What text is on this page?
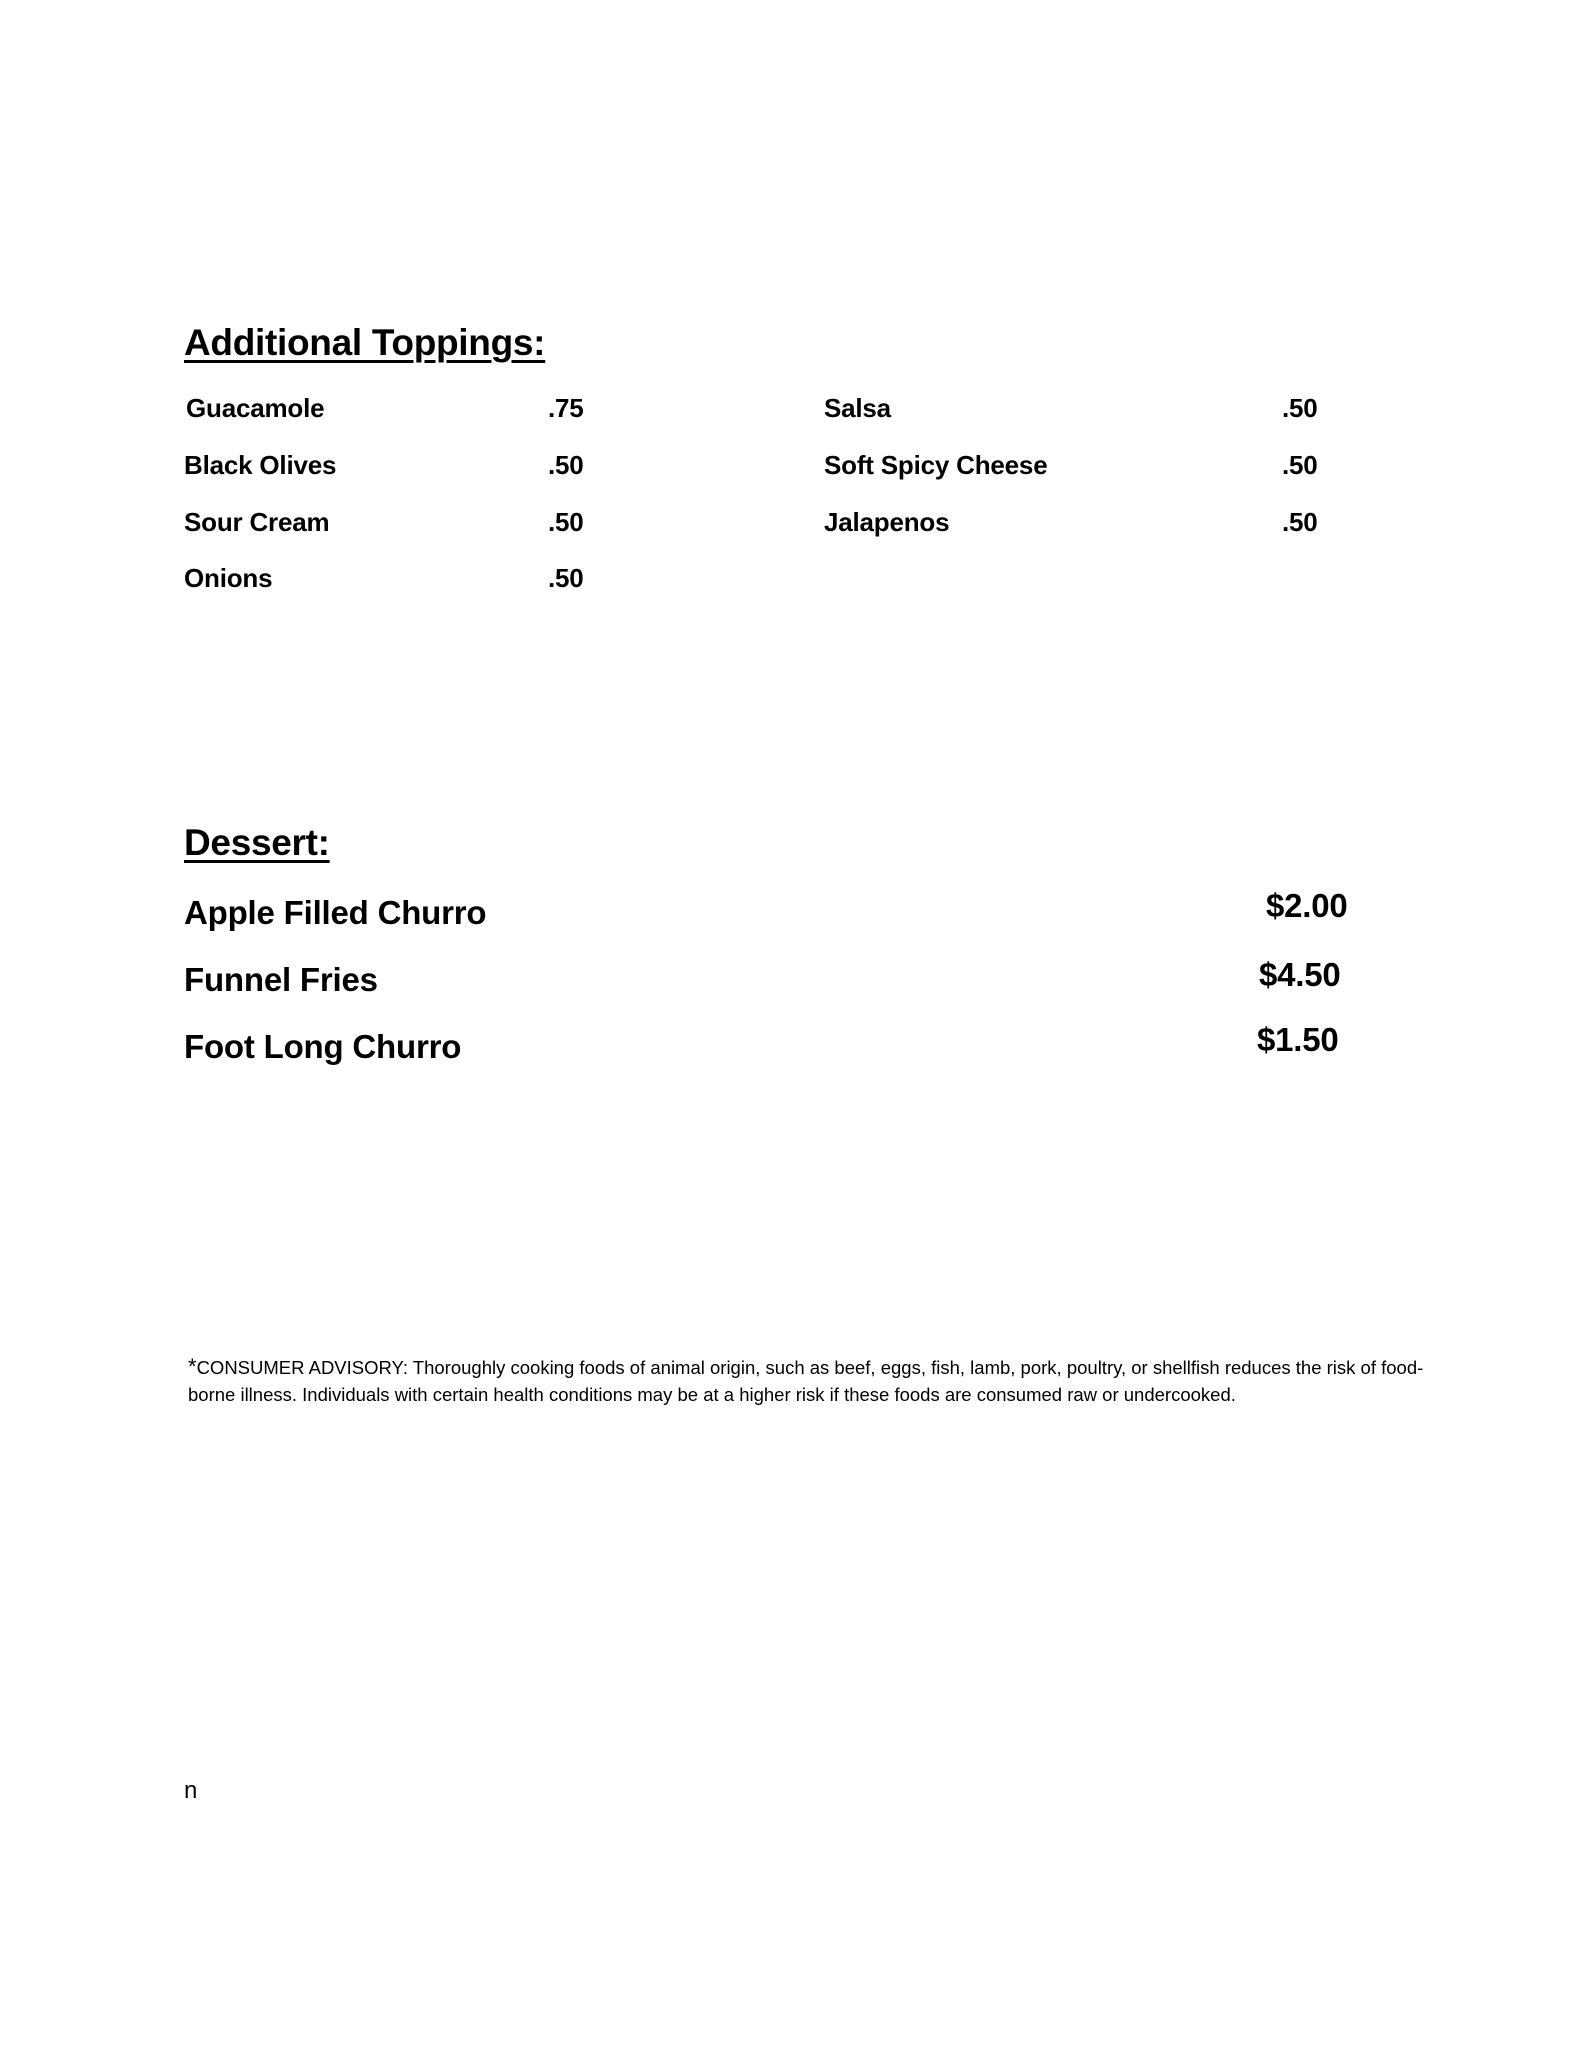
Additional Toppings:
Guacamole	.75
Black Olives	.50
Sour Cream	.50
Onions	.50
Salsa	.50
Soft Spicy Cheese	.50
Jalapenos	.50
Dessert:
Apple Filled Churro	$2.00
Funnel Fries	$4.50
Foot Long Churro	$1.50
*CONSUMER ADVISORY: Thoroughly cooking foods of animal origin, such as beef, eggs, fish, lamb, pork, poultry, or shellfish reduces the risk of food-borne illness. Individuals with certain health conditions may be at a higher risk if these foods are consumed raw or undercooked.
n
